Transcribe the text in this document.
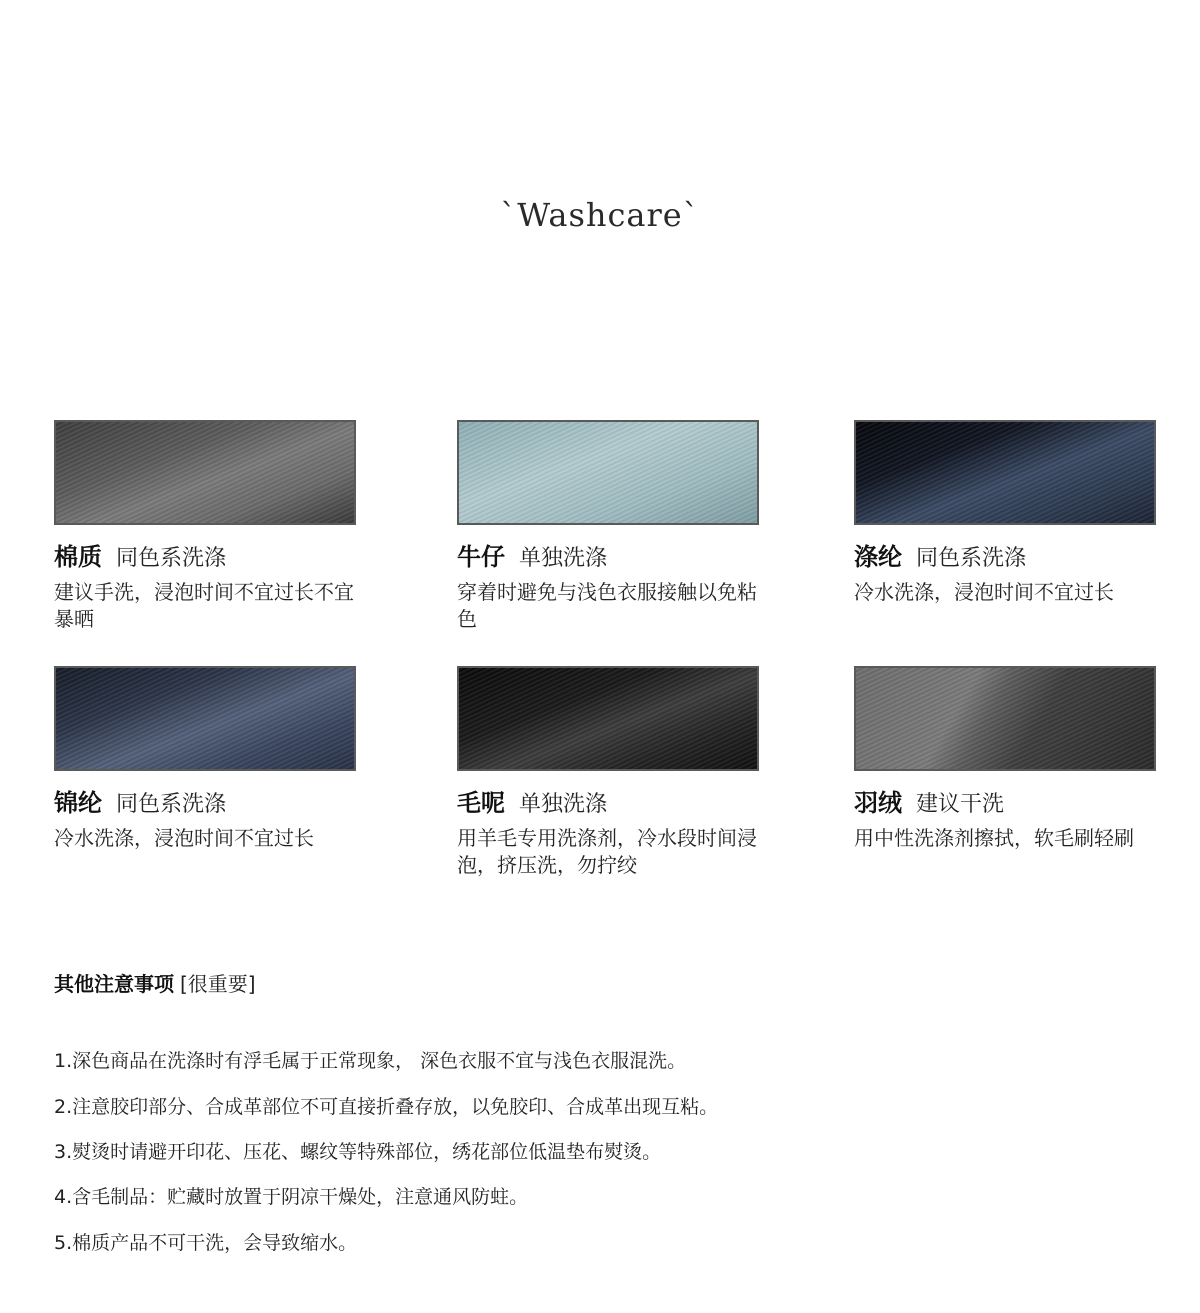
`Washcare`
棉质 同色系洗涤
建议手洗，浸泡时间不宜过长不宜暴晒
牛仔 单独洗涤
穿着时避免与浅色衣服接触以免粘色
涤纶 同色系洗涤
冷水洗涤，浸泡时间不宜过长
锦纶 同色系洗涤
冷水洗涤，浸泡时间不宜过长
毛呢 单独洗涤
用羊毛专用洗涤剂，冷水段时间浸泡，挤压洗，勿拧绞
羽绒 建议干洗
用中性洗涤剂擦拭，软毛刷轻刷
其他注意事项 [很重要]
1.深色商品在洗涤时有浮毛属于正常现象， 深色衣服不宜与浅色衣服混洗。
2.注意胶印部分、合成革部位不可直接折叠存放，以免胶印、合成革出现互粘。
3.熨烫时请避开印花、压花、螺纹等特殊部位，绣花部位低温垫布熨烫。
4.含毛制品：贮藏时放置于阴凉干燥处，注意通风防蛀。
5.棉质产品不可干洗，会导致缩水。
